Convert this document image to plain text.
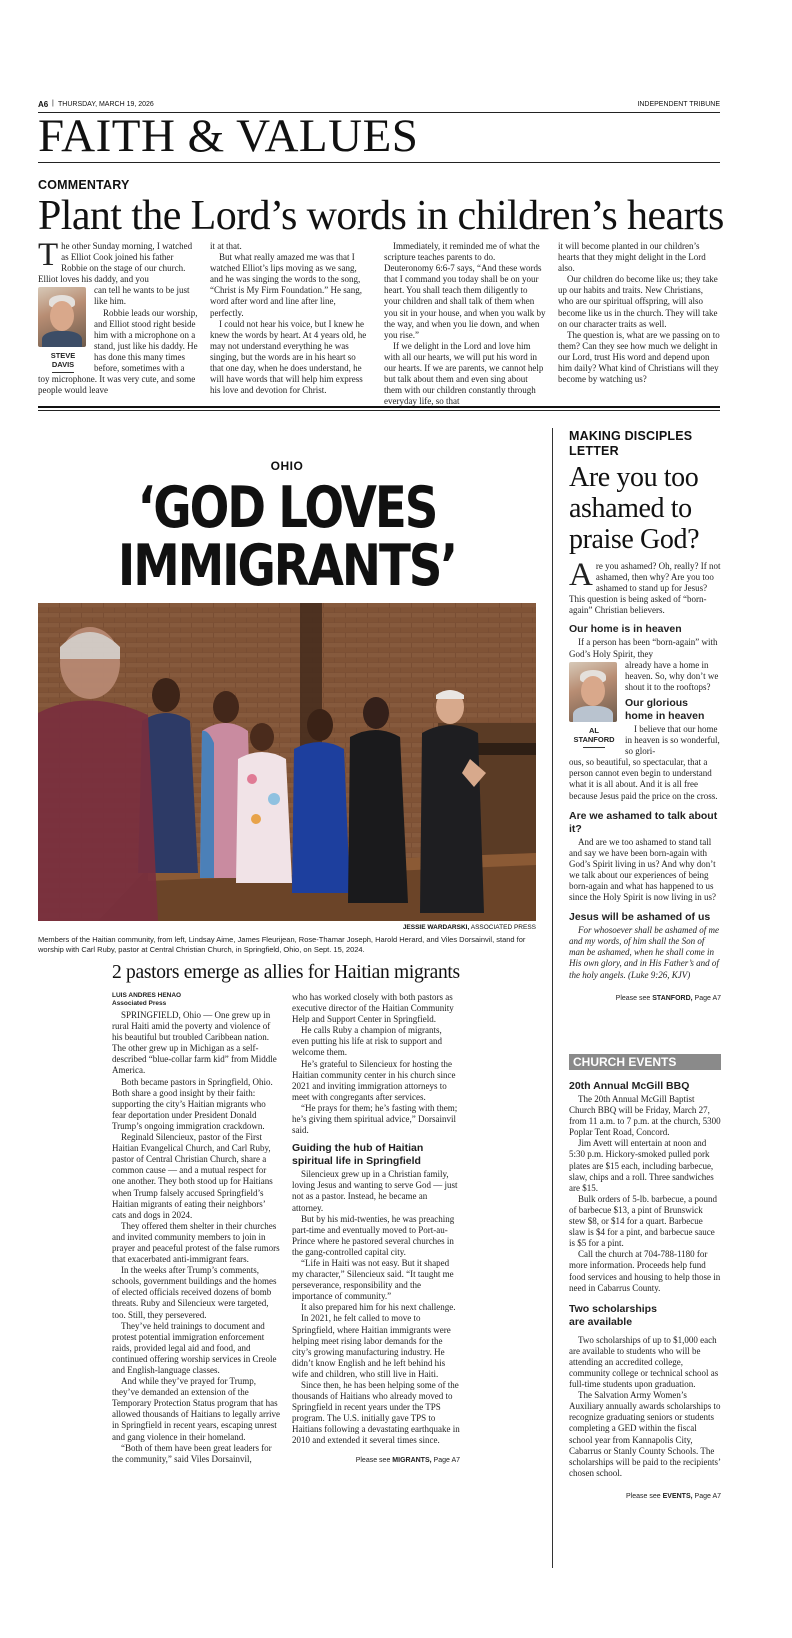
A6 | THURSDAY, MARCH 19, 2026	INDEPENDENT TRIBUNE
FAITH & VALUES
COMMENTARY
Plant the Lord’s words in children’s hearts

The other Sunday morning, I watched as Elliot Cook joined his father Robbie on the stage of our church. Elliot loves his daddy, and you

STEVE
DAVIS

can tell he wants to be just like him.

Robbie leads our worship, and Elliot stood right beside him with a microphone on a stand, just like his daddy. He has done this many times before, sometimes with a toy microphone. It was very cute, and some people would leave

it at that.

But what really amazed me was that I watched Elliot’s lips moving as we sang, and he was singing the words to the song, “Christ is My Firm Foundation.” He sang, word after word and line after line, perfectly.

I could not hear his voice, but I knew he knew the words by heart. At 4 years old, he may not understand everything he was singing, but the words are in his heart so that one day, when he does understand, he will have words that will help him express his love and devotion for Christ.

Immediately, it reminded me of what the scripture teaches parents to do. Deuteronomy 6:6-7 says, “And these words that I command you today shall be on your heart. You shall teach them diligently to your children and shall talk of them when you sit in your house, and when you walk by the way, and when you lie down, and when you rise.”

If we delight in the Lord and love him with all our hearts, we will put his word in our hearts. If we are parents, we cannot help but talk about them and even sing about them with our children constantly through everyday life, so that

it will become planted in our children’s hearts that they might delight in the Lord also.

Our children do become like us; they take up our habits and traits. New Christians, who are our spiritual offspring, will also become like us in the church. They will take on our character traits as well.

The question is, what are we passing on to them? Can they see how much we delight in our Lord, trust His word and depend upon him daily? What kind of Christians will they become by watching us?

OHIO
‘GOD LOVES
IMMIGRANTS’
JESSIE WARDARSKI, ASSOCIATED PRESS
Members of the Haitian community, from left, Lindsay Aime, James Fleurijean, Rose-Thamar Joseph, Harold Herard, and Viles Dorsainvil, stand for worship with Carl Ruby, pastor at Central Christian Church, in Springfield, Ohio, on Sept. 15, 2024.
2 pastors emerge as allies for Haitian migrants
LUIS ANDRES HENAO
Associated Press

SPRINGFIELD, Ohio — One grew up in rural Haiti amid the poverty and violence of his beautiful but troubled Caribbean nation. The other grew up in Michigan as a self-described “blue-collar farm kid” from Middle America.

Both became pastors in Springfield, Ohio. Both share a good insight by their faith: supporting the city’s Haitian migrants who fear deportation under President Donald Trump’s ongoing immigration crackdown.

Reginald Silencieux, pastor of the First Haitian Evangelical Church, and Carl Ruby, pastor of Central Christian Church, share a common cause — and a mutual respect for one another. They both stood up for Haitians when Trump falsely accused Springfield’s Haitian migrants of eating their neighbors’ cats and dogs in 2024.

They offered them shelter in their churches and invited community members to join in prayer and peaceful protest of the false rumors that exacerbated anti-immigrant fears.

In the weeks after Trump’s comments, schools, government buildings and the homes of elected officials received dozens of bomb threats. Ruby and Silencieux were targeted, too. Still, they persevered.

They’ve held trainings to document and protest potential immigration enforcement raids, provided legal aid and food, and continued offering worship services in Creole and English-language classes.

And while they’ve prayed for Trump, they’ve demanded an extension of the Temporary Protection Status program that has allowed thousands of Haitians to legally arrive in Springfield in recent years, escaping unrest and gang violence in their homeland.

“Both of them have been great leaders for the community,” said Viles Dorsainvil,

who has worked closely with both pastors as executive director of the Haitian Community Help and Support Center in Springfield.

He calls Ruby a champion of migrants, even putting his life at risk to support and welcome them.

He’s grateful to Silencieux for hosting the Haitian community center in his church since 2021 and inviting immigration attorneys to meet with congregants after services.

“He prays for them; he’s fasting with them; he’s giving them spiritual advice,” Dorsainvil said.

Guiding the hub of Haitian spiritual life in Springfield

Silencieux grew up in a Christian family, loving Jesus and wanting to serve God — just not as a pastor. Instead, he became an attorney.

But by his mid-twenties, he was preaching part-time and eventually moved to Port-au-Prince where he pastored several churches in the gang-controlled capital city.

“Life in Haiti was not easy. But it shaped my character,” Silencieux said. “It taught me perseverance, responsibility and the importance of community.”

It also prepared him for his next challenge.

In 2021, he felt called to move to Springfield, where Haitian immigrants were helping meet rising labor demands for the city’s growing manufacturing industry. He didn’t know English and he left behind his wife and children, who still live in Haiti.

Since then, he has been helping some of the thousands of Haitians who already moved to Springfield in recent years under the TPS program. The U.S. initially gave TPS to Haitians following a devastating earthquake in 2010 and extended it several times since.

Please see MIGRANTS, Page A7
MAKING DISCIPLES
LETTER
Are you too ashamed to praise God?

Are you ashamed? Oh, really? If not ashamed, then why? Are you too ashamed to stand up for Jesus? This question is being asked of “born-again” Christian believers.

Our home is in heaven

If a person has been “born-again” with God’s Holy Spirit, they

AL
STANFORD

already have a home in heaven. So, why don’t we shout it to the rooftops?

Our glorious
home in heaven

I believe that our home in heaven is so wonderful, so glori-

ous, so beautiful, so spectacular, that a person cannot even begin to understand what it is all about. And it is all free because Jesus paid the price on the cross.

Are we ashamed to talk about it?

And are we too ashamed to stand tall and say we have been born-again with God’s Spirit living in us? And why don’t we talk about our experiences of being born-again and what has happened to us since the Holy Spirit is now living in us?

Jesus will be ashamed of us

For whosoever shall be ashamed of me and my words, of him shall the Son of man be ashamed, when he shall come in His own glory, and in His Father’s and of the holy angels. (Luke 9:26, KJV)

Please see STANFORD, Page A7
CHURCH EVENTS
20th Annual McGill BBQ

The 20th Annual McGill Baptist Church BBQ will be Friday, March 27, from 11 a.m. to 7 p.m. at the church, 5300 Poplar Tent Road, Concord.

Jim Avett will entertain at noon and 5:30 p.m. Hickory-smoked pulled pork plates are $15 each, including barbecue, slaw, chips and a roll. Three sandwiches are $15.

Bulk orders of 5-lb. barbecue, a pound of barbecue $13, a pint of Brunswick stew $8, or $14 for a quart. Barbecue slaw is $4 for a pint, and barbecue sauce is $5 for a pint.

Call the church at 704-788-1180 for more information. Proceeds help fund food services and housing to help those in need in Cabarrus County.

Two scholarships
are available

Two scholarships of up to $1,000 each are available to students who will be attending an accredited college, community college or technical school as full-time students upon graduation.

The Salvation Army Women’s Auxiliary annually awards scholarships to recognize graduating seniors or students completing a GED within the fiscal school year from Kannapolis City, Cabarrus or Stanly County Schools. The scholarships will be paid to the recipients’ chosen school.

Please see EVENTS, Page A7
